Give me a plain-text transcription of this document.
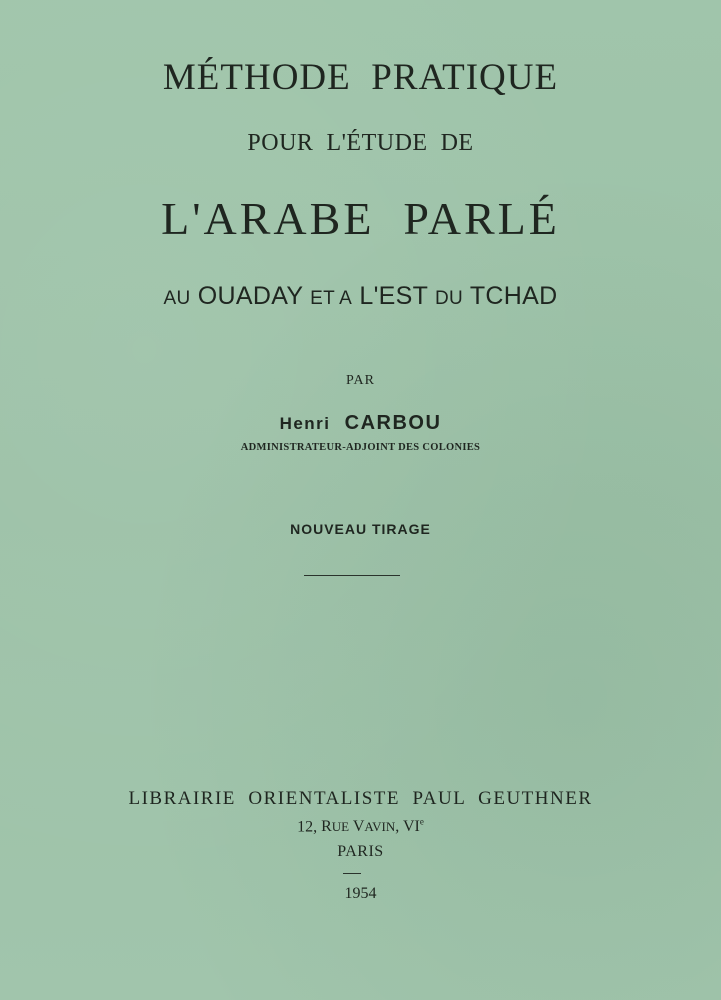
MÉTHODE  PRATIQUE
POUR  L'ÉTUDE  DE
L'ARABE  PARLÉ
AU OUADAY ET A L'EST DU TCHAD
PAR
Henri CARBOU
ADMINISTRATEUR-ADJOINT DES COLONIES
NOUVEAU TIRAGE
LIBRAIRIE  ORIENTALISTE  PAUL  GEUTHNER
12, RUE VAVIN, VIe
PARIS
1954
